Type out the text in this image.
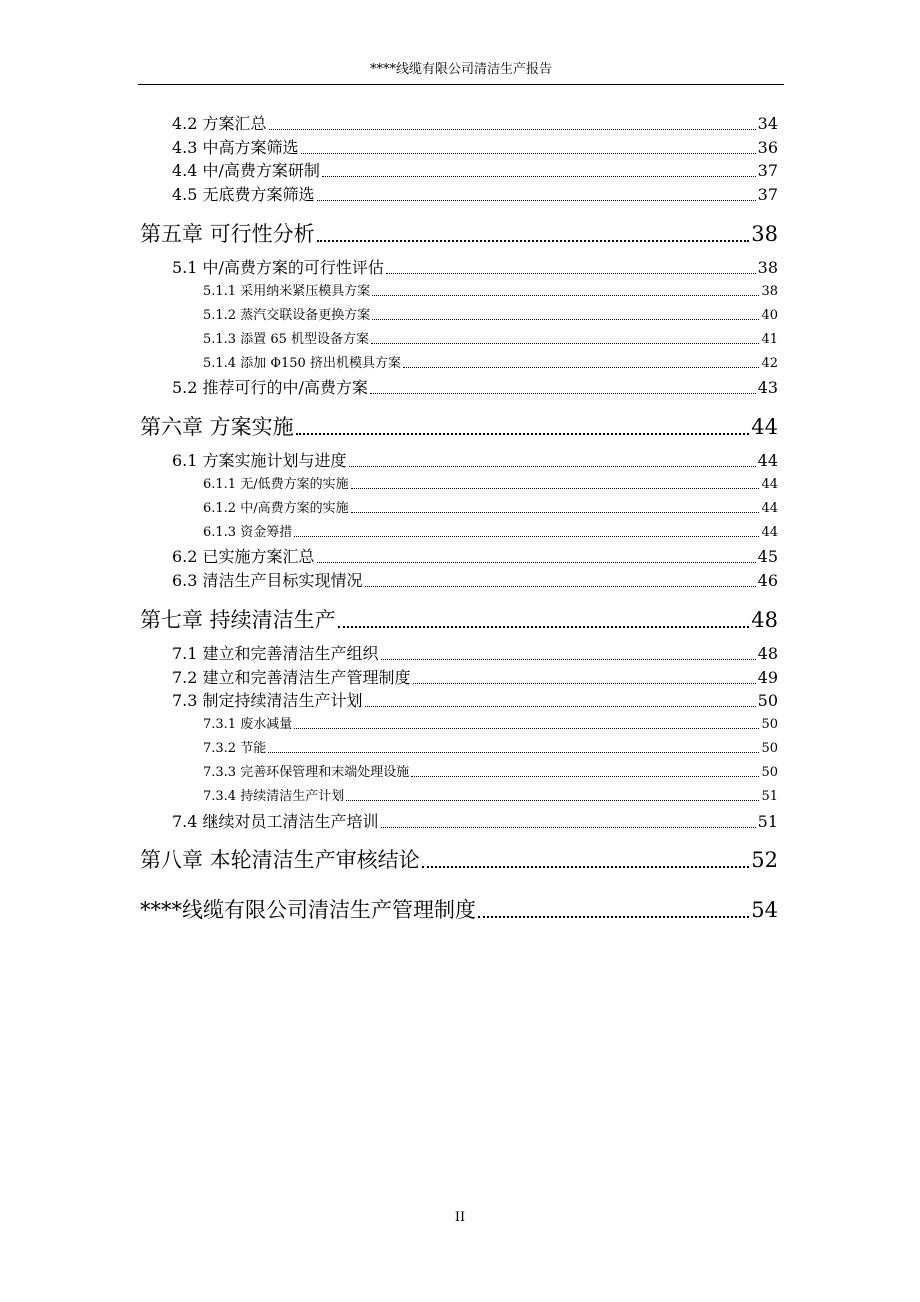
****线缆有限公司清洁生产报告
4.2 方案汇总	34
4.3 中高方案筛选	36
4.4 中/高费方案研制	37
4.5 无底费方案筛选	37
第五章 可行性分析	38
5.1 中/高费方案的可行性评估	38
5.1.1 采用纳米紧压模具方案	38
5.1.2 蒸汽交联设备更换方案	40
5.1.3 添置 65 机型设备方案	41
5.1.4 添加 Φ150 挤出机模具方案	42
5.2 推荐可行的中/高费方案	43
第六章 方案实施	44
6.1 方案实施计划与进度	44
6.1.1 无/低费方案的实施	44
6.1.2 中/高费方案的实施	44
6.1.3 资金筹措	44
6.2 已实施方案汇总	45
6.3 清洁生产目标实现情况	46
第七章 持续清洁生产	48
7.1 建立和完善清洁生产组织	48
7.2 建立和完善清洁生产管理制度	49
7.3 制定持续清洁生产计划	50
7.3.1 废水减量	50
7.3.2 节能	50
7.3.3 完善环保管理和末端处理设施	50
7.3.4 持续清洁生产计划	51
7.4 继续对员工清洁生产培训	51
第八章 本轮清洁生产审核结论	52
****线缆有限公司清洁生产管理制度	54
II
